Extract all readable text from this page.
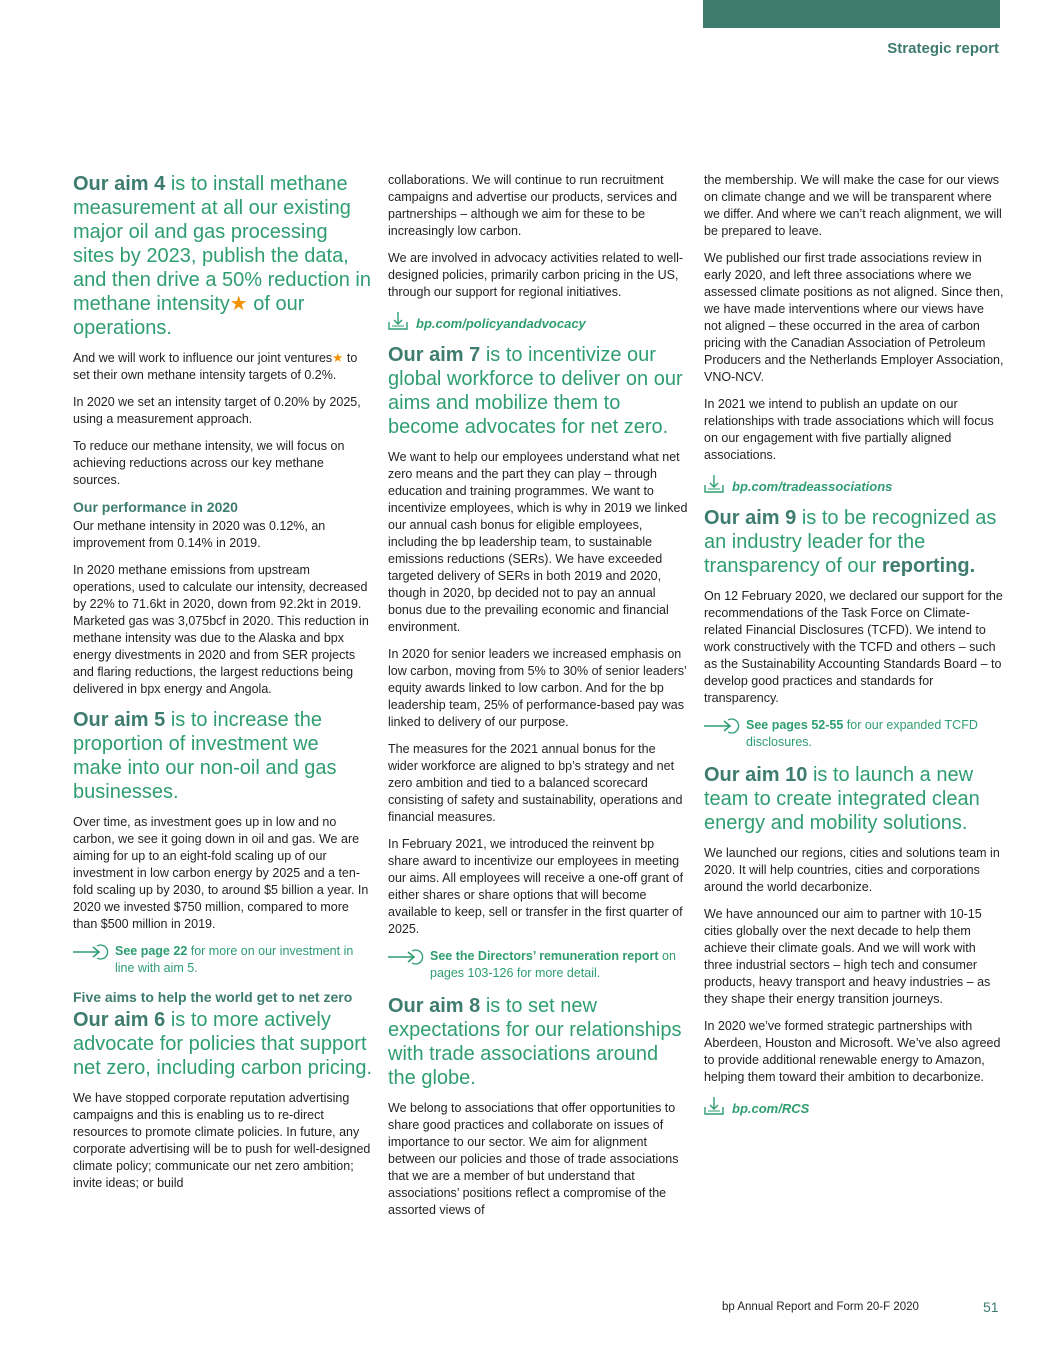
Strategic report
Our aim 4 is to install methane measurement at all our existing major oil and gas processing sites by 2023, publish the data, and then drive a 50% reduction in methane intensity★ of our operations.

And we will work to influence our joint ventures★ to set their own methane intensity targets of 0.2%.

In 2020 we set an intensity target of 0.20% by 2025, using a measurement approach.

To reduce our methane intensity, we will focus on achieving reductions across our key methane sources.

Our performance in 2020

Our methane intensity in 2020 was 0.12%, an improvement from 0.14% in 2019.

In 2020 methane emissions from upstream operations, used to calculate our intensity, decreased by 22% to 71.6kt in 2020, down from 92.2kt in 2019. Marketed gas was 3,075bcf in 2020. This reduction in methane intensity was due to the Alaska and bpx energy divestments in 2020 and from SER projects and flaring reductions, the largest reductions being delivered in bpx energy and Angola.

Our aim 5 is to increase the proportion of investment we make into our non-oil and gas businesses.

Over time, as investment goes up in low and no carbon, we see it going down in oil and gas. We are aiming for up to an eight-fold scaling up of our investment in low carbon energy by 2025 and a ten-fold scaling up by 2030, to around $5 billion a year. In 2020 we invested $750 million, compared to more than $500 million in 2019.

See page 22 for more on our investment in line with aim 5.
Five aims to help the world get to net zero
Our aim 6 is to more actively advocate for policies that support net zero, including carbon pricing.

We have stopped corporate reputation advertising campaigns and this is enabling us to re-direct resources to promote climate policies. In future, any corporate advertising will be to push for well-designed climate policy; communicate our net zero ambition; invite ideas; or build

collaborations. We will continue to run recruitment campaigns and advertise our products, services and partnerships – although we aim for these to be increasingly low carbon.

We are involved in advocacy activities related to well-designed policies, primarily carbon pricing in the US, through our support for regional initiatives.

bp.com/policyandadvocacy
Our aim 7 is to incentivize our global workforce to deliver on our aims and mobilize them to become advocates for net zero.

We want to help our employees understand what net zero means and the part they can play – through education and training programmes. We want to incentivize employees, which is why in 2019 we linked our annual cash bonus for eligible employees, including the bp leadership team, to sustainable emissions reductions (SERs). We have exceeded targeted delivery of SERs in both 2019 and 2020, though in 2020, bp decided not to pay an annual bonus due to the prevailing economic and financial environment.

In 2020 for senior leaders we increased emphasis on low carbon, moving from 5% to 30% of senior leaders’ equity awards linked to low carbon. And for the bp leadership team, 25% of performance-based pay was linked to delivery of our purpose.

The measures for the 2021 annual bonus for the wider workforce are aligned to bp’s strategy and net zero ambition and tied to a balanced scorecard consisting of safety and sustainability, operations and financial measures.

In February 2021, we introduced the reinvent bp share award to incentivize our employees in meeting our aims. All employees will receive a one-off grant of either shares or share options that will become available to keep, sell or transfer in the first quarter of 2025.

See the Directors’ remuneration report on pages 103-126 for more detail.
Our aim 8 is to set new expectations for our relationships with trade associations around the globe.

We belong to associations that offer opportunities to share good practices and collaborate on issues of importance to our sector. We aim for alignment between our policies and those of trade associations that we are a member of but understand that associations’ positions reflect a compromise of the assorted views of

the membership. We will make the case for our views on climate change and we will be transparent where we differ. And where we can’t reach alignment, we will be prepared to leave.

We published our first trade associations review in early 2020, and left three associations where we assessed climate positions as not aligned. Since then, we have made interventions where our views have not aligned – these occurred in the area of carbon pricing with the Canadian Association of Petroleum Producers and the Netherlands Employer Association, VNO-NCV.

In 2021 we intend to publish an update on our relationships with trade associations which will focus on our engagement with five partially aligned associations.

bp.com/tradeassociations
Our aim 9 is to be recognized as an industry leader for the transparency of our reporting.

On 12 February 2020, we declared our support for the recommendations of the Task Force on Climate-related Financial Disclosures (TCFD). We intend to work constructively with the TCFD and others – such as the Sustainability Accounting Standards Board – to develop good practices and standards for transparency.

See pages 52-55 for our expanded TCFD disclosures.
Our aim 10 is to launch a new team to create integrated clean energy and mobility solutions.

We launched our regions, cities and solutions team in 2020. It will help countries, cities and corporations around the world decarbonize.

We have announced our aim to partner with 10-15 cities globally over the next decade to help them achieve their climate goals. And we will work with three industrial sectors – high tech and consumer products, heavy transport and heavy industries – as they shape their energy transition journeys.

In 2020 we’ve formed strategic partnerships with Aberdeen, Houston and Microsoft. We’ve also agreed to provide additional renewable energy to Amazon, helping them toward their ambition to decarbonize.

bp.com/RCS
bp Annual Report and Form 20-F 2020	51
